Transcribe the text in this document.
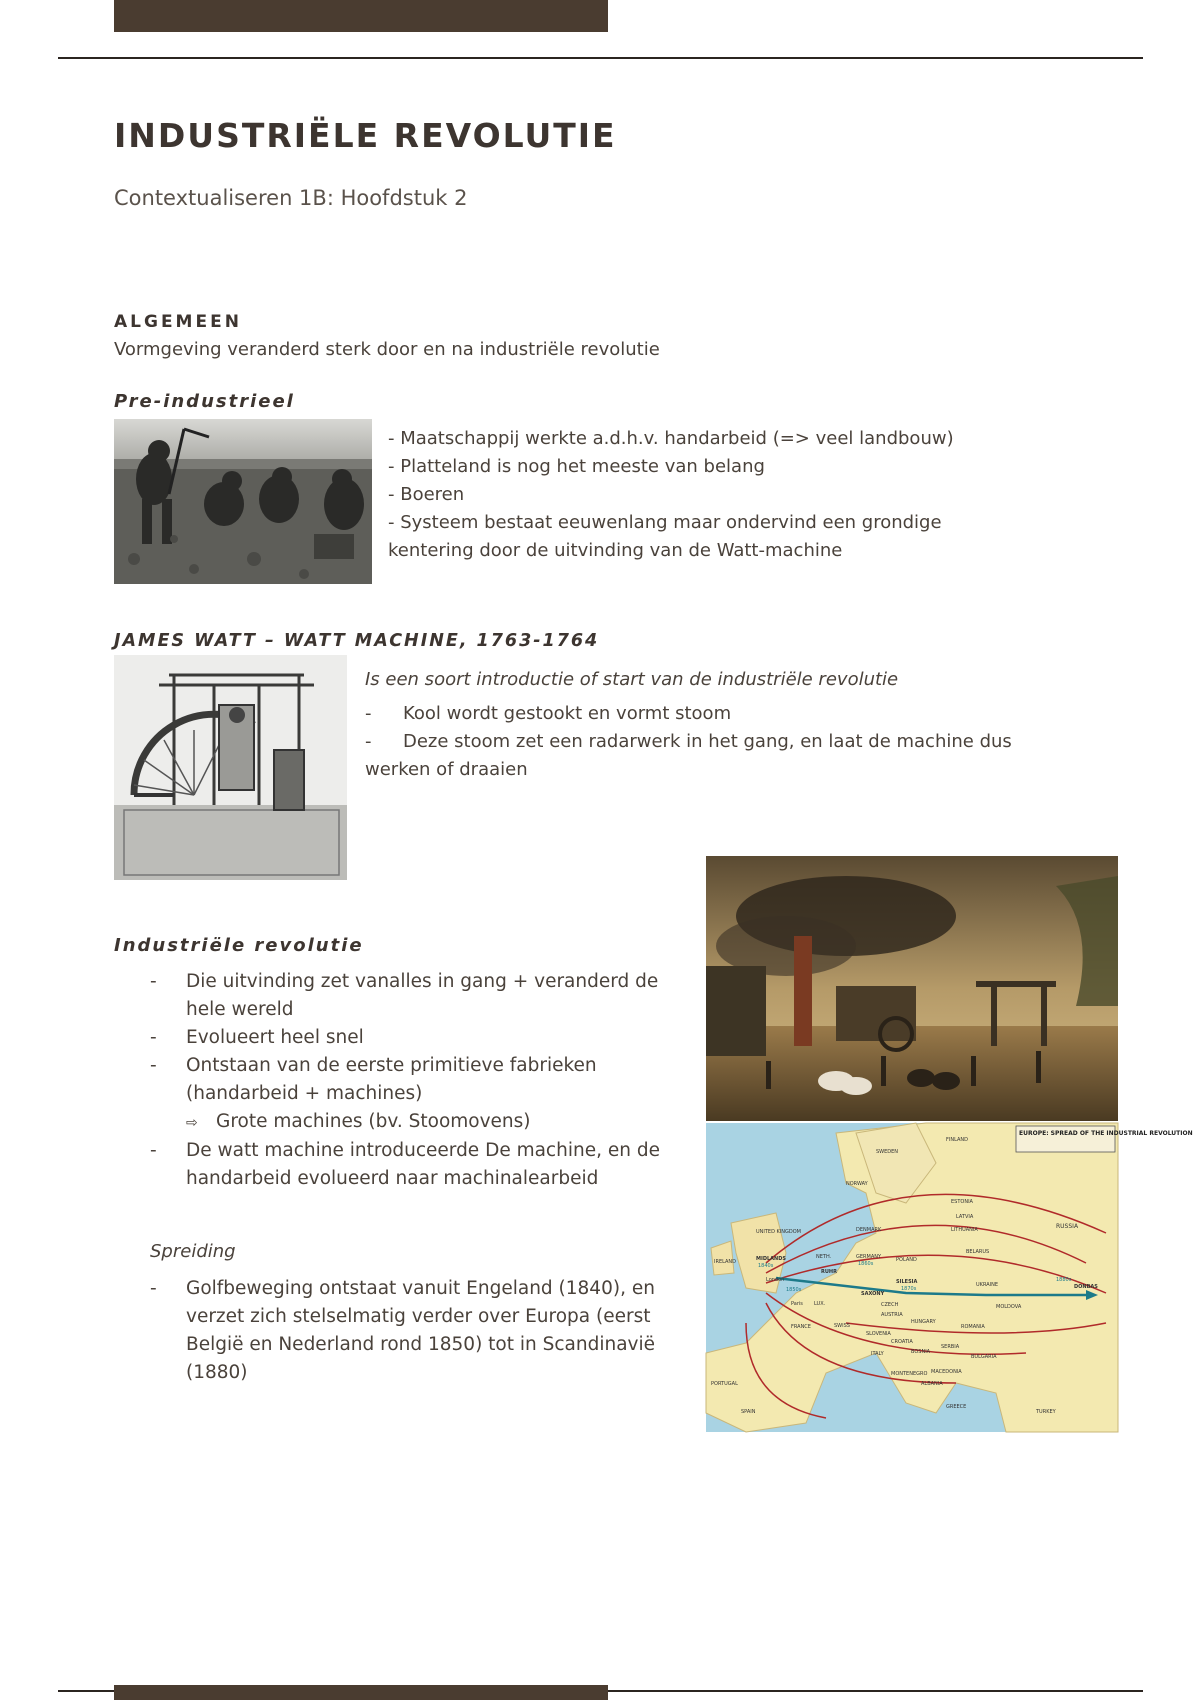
INDUSTRIËLE REVOLUTIE
Contextualiseren 1B: Hoofdstuk 2
ALGEMEEN
Vormgeving veranderd sterk door en na industriële revolutie
Pre-industrieel
- Maatschappij werkte a.d.h.v. handarbeid (=> veel landbouw)
- Platteland is nog het meeste van belang
- Boeren
- Systeem bestaat eeuwenlang maar ondervind een grondige
kentering door de uitvinding van de Watt-machine
JAMES WATT – WATT MACHINE, 1763-1764
Is een soort introductie of start van de industriële revolutie
- Kool wordt gestookt en vormt stoom
- Deze stoom zet een radarwerk in het gang, en laat de machine dus
werken of draaien
EUROPE: SPREAD OF THE INDUSTRIAL REVOLUTION
SWEDEN
FINLAND
NORWAY
ESTONIA
LATVIA
LITHUANIA	RUSSIA
DENMARK
UNITED KINGDOM
IRELAND	MIDLANDS
1840s
London
NETH.	GERMANY
1860s
POLAND
BELARUS
RUHR
1850s
SILESIA
1870s
SAXONY
UKRAINE	DONBAS
1880s
Paris LUX.	CZECH	MOLDOVA
FRANCE
AUSTRIA
HUNGARY
ROMANIA
SWISS
SLOVENIA
CROATIA
ITALY	BOSNIA
SERBIA
BULGARIA
PORTUGAL
SPAIN
MONTENEGRO MACEDONIA
ALBANIA
GREECE
TURKEY
Industriële revolutie
- Die uitvinding zet vanalles in gang + veranderd de hele wereld
- Evolueert heel snel
- Ontstaan van de eerste primitieve fabrieken (handarbeid + machines)
⇨ Grote machines (bv. Stoomovens)
- De watt machine introduceerde De machine, en de handarbeid evolueerd naar machinalearbeid
Spreiding
- Golfbeweging ontstaat vanuit Engeland (1840), en verzet zich stelselmatig verder over Europa (eerst België en Nederland rond 1850) tot in Scandinavië (1880)
